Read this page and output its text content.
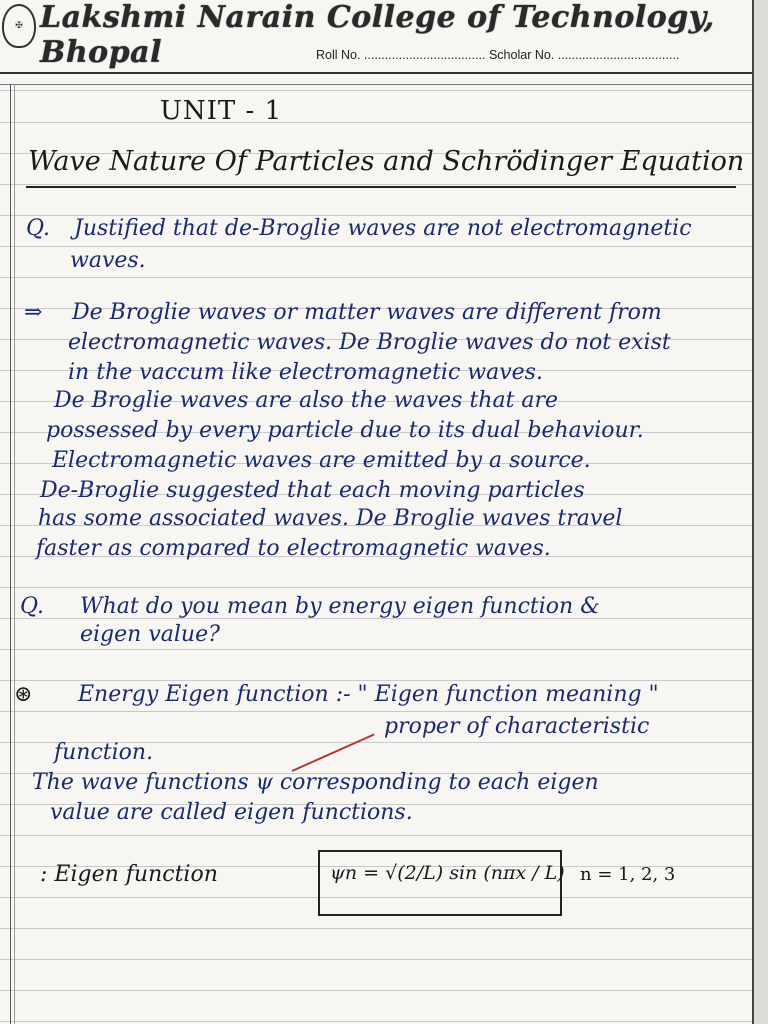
✠ Lakshmi Narain College of Technology, Bhopal	Roll No. ................................... Scholar No. ...................................
UNIT - 1
Wave Nature Of Particles and Schrödinger Equation
Q. Justified that de-Broglie waves are not electromagnetic
waves.
⇒ De Broglie waves or matter waves are different from
electromagnetic waves. De Broglie waves do not exist
in the vaccum like electromagnetic waves.
De Broglie waves are also the waves that are
possessed by every particle due to its dual behaviour.
Electromagnetic waves are emitted by a source.
De-Broglie suggested that each moving particles
has some associated waves. De Broglie waves travel
faster as compared to electromagnetic waves.
Q. What do you mean by energy eigen function &
eigen value?
⊛ Energy Eigen function :- " Eigen function meaning "
proper of characteristic
function.
The wave functions ψ corresponding to each eigen
value are called eigen functions.
: Eigen function	ψn = √(2/L) sin (nπx / L) n = 1, 2, 3
